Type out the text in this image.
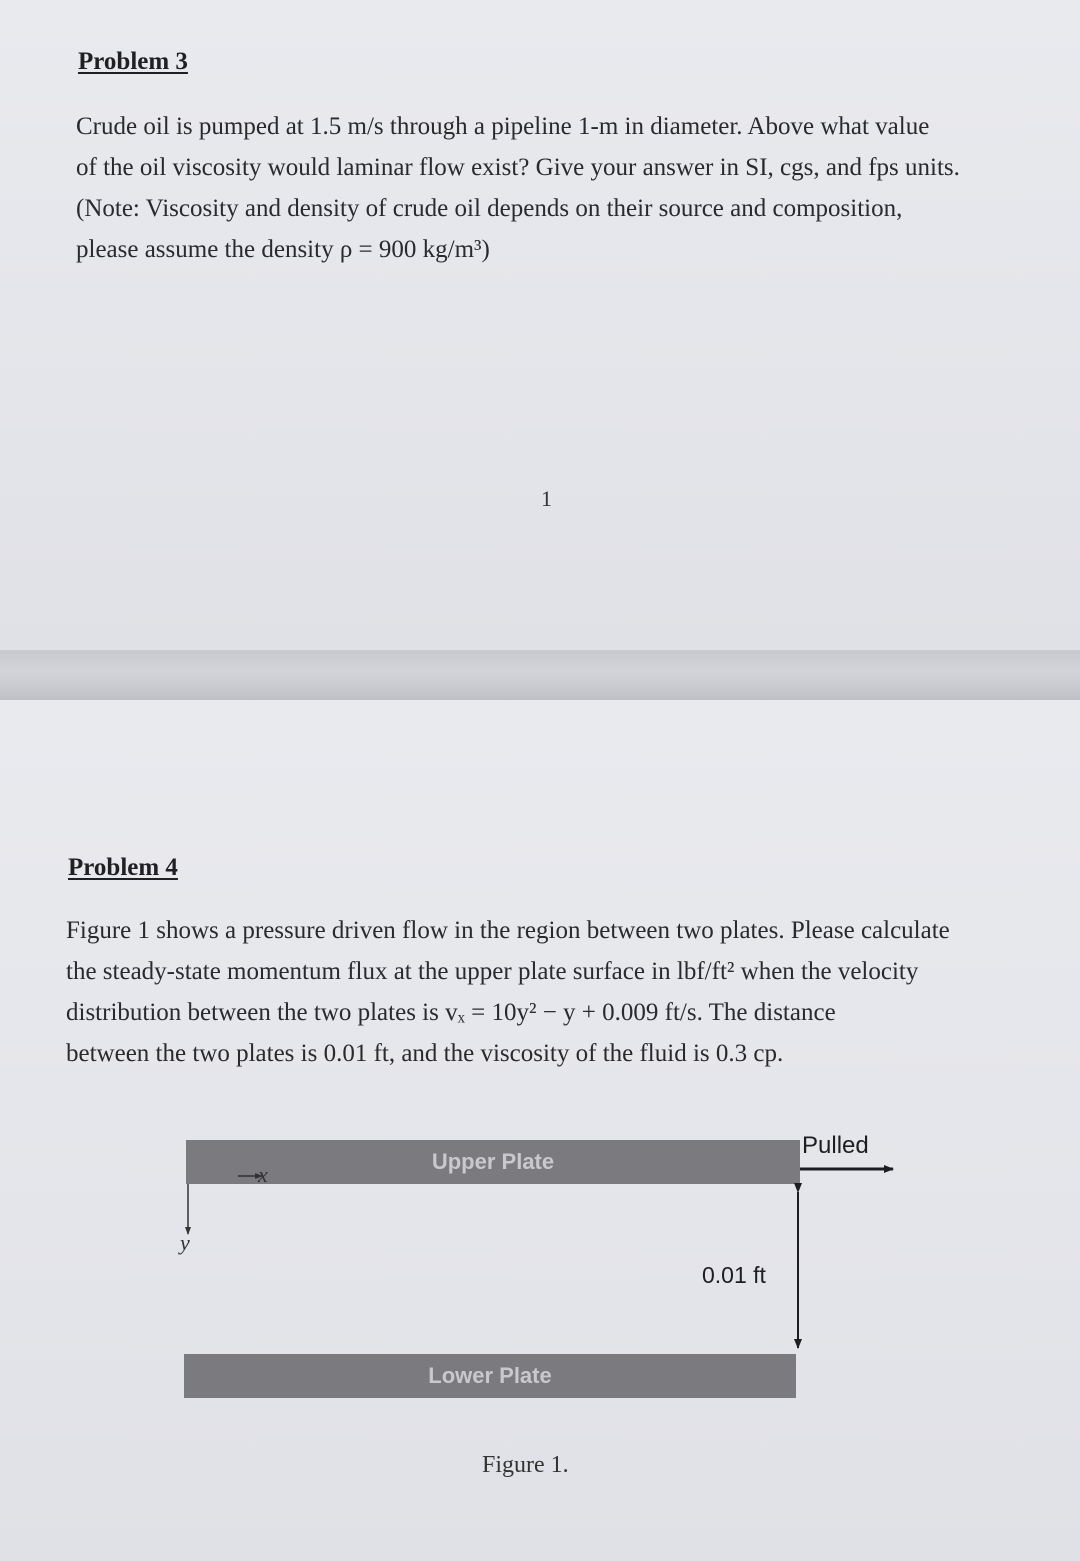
Problem 3
Crude oil is pumped at 1.5 m/s through a pipeline 1-m in diameter. Above what value
of the oil viscosity would laminar flow exist? Give your answer in SI, cgs, and fps units.
(Note: Viscosity and density of crude oil depends on their source and composition,
please assume the density ρ = 900 kg/m³)
1
Problem 4
Figure 1 shows a pressure driven flow in the region between two plates. Please calculate
the steady-state momentum flux at the upper plate surface in lbf/ft² when the velocity
distribution between the two plates is vₓ = 10y² − y + 0.009 ft/s. The distance
between the two plates is 0.01 ft, and the viscosity of the fluid is 0.3 cp.
Upper Plate
Lower Plate
Pulled
0.01 ft
x
y
Figure 1.
